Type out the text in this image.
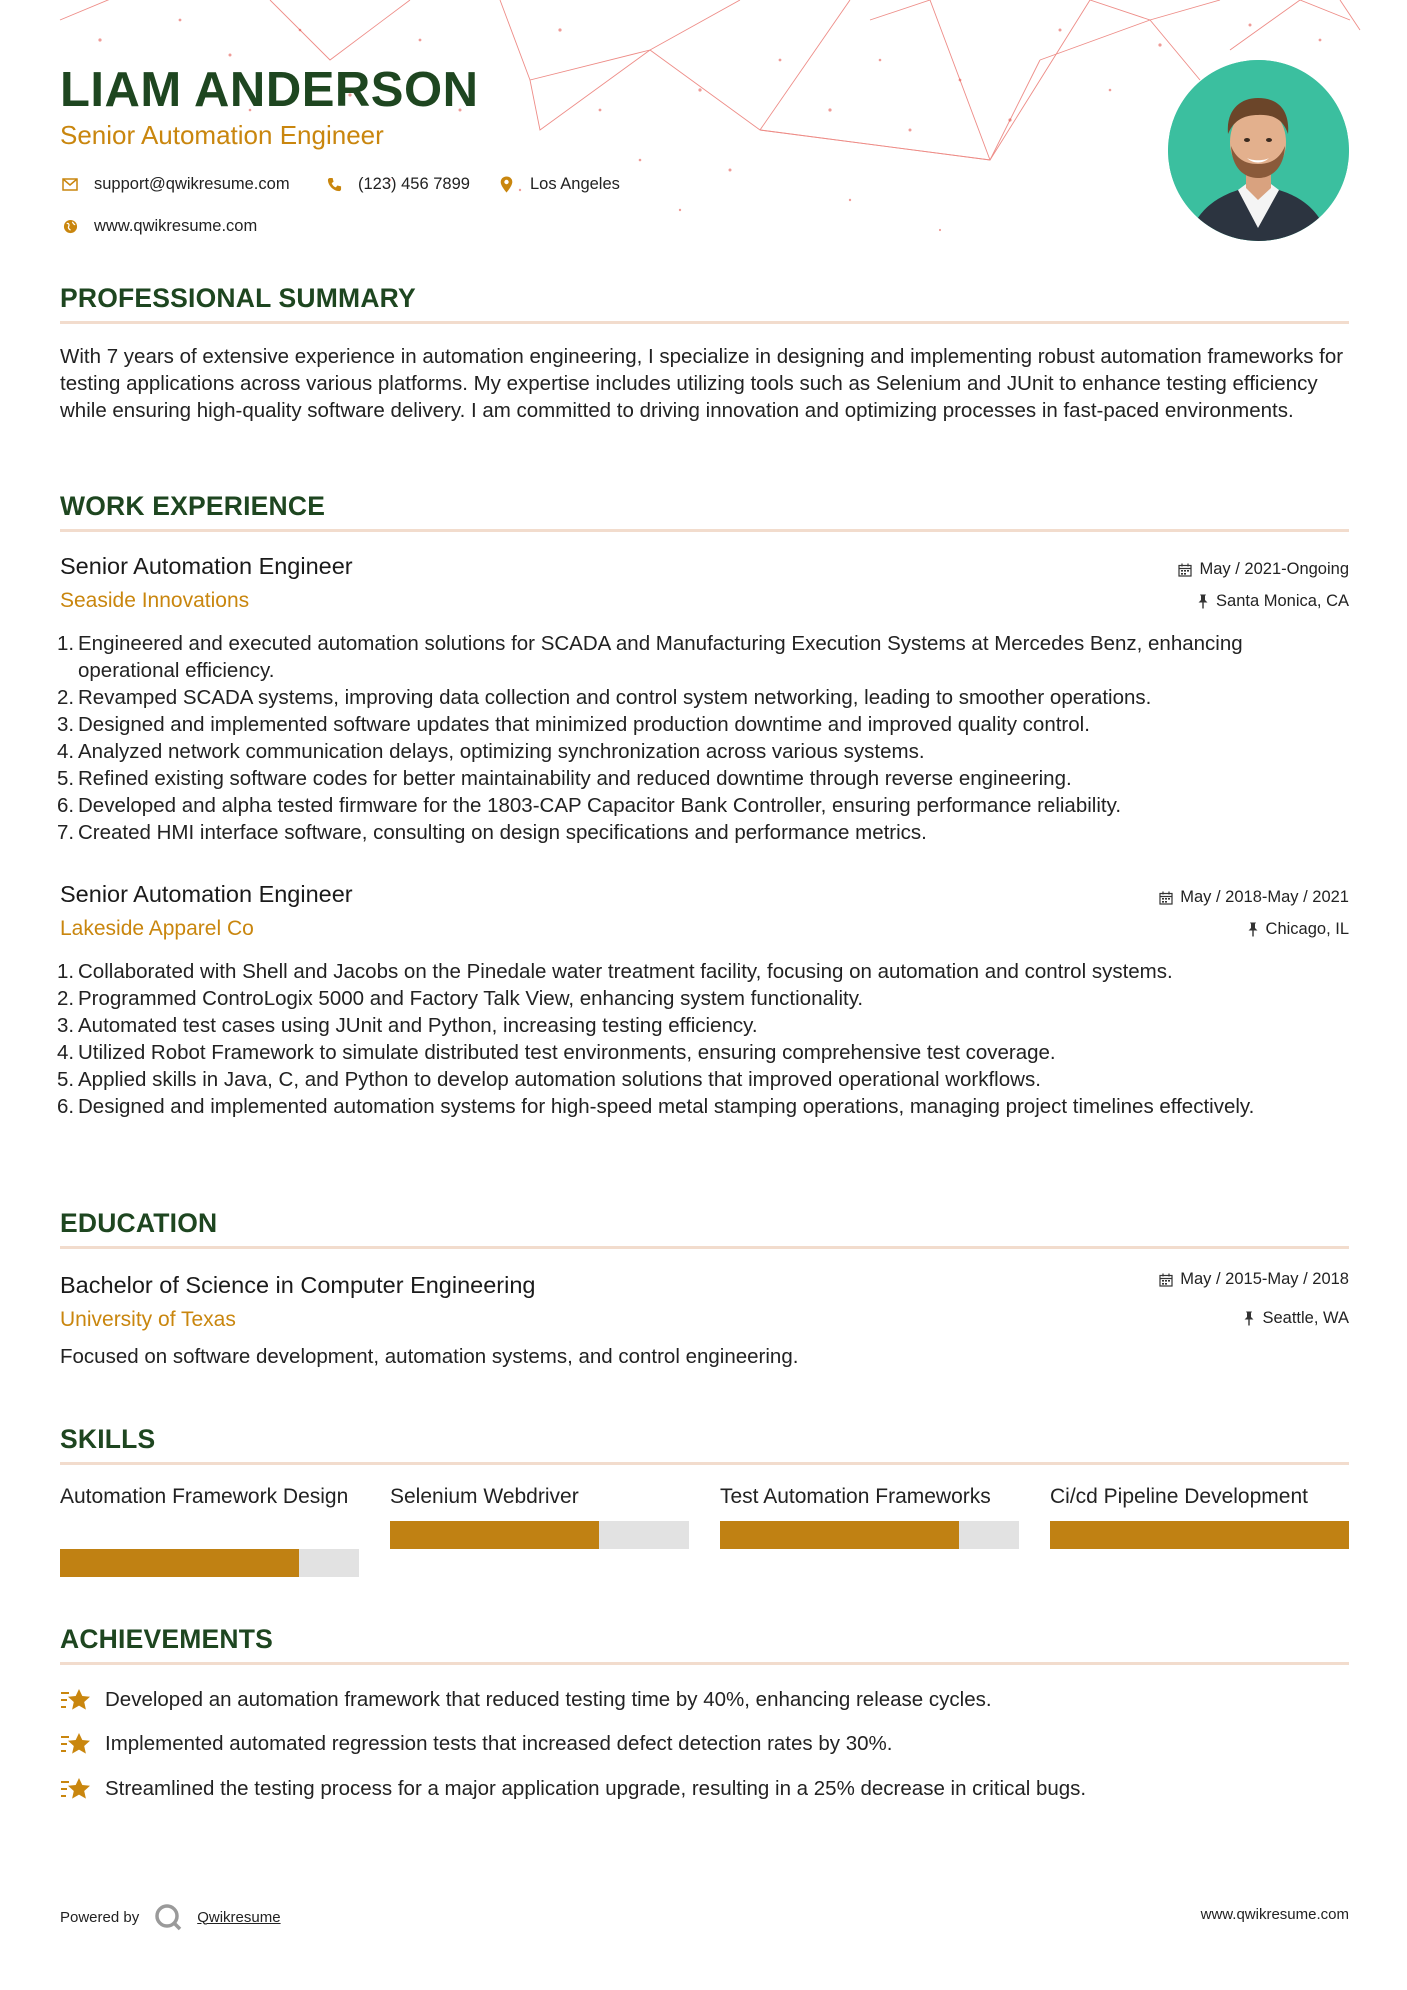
LIAM ANDERSON
Senior Automation Engineer
support@qwikresume.com	(123) 456 7899	Los Angeles
www.qwikresume.com
PROFESSIONAL SUMMARY
With 7 years of extensive experience in automation engineering, I specialize in designing and implementing robust automation frameworks for testing applications across various platforms. My expertise includes utilizing tools such as Selenium and JUnit to enhance testing efficiency while ensuring high-quality software delivery. I am committed to driving innovation and optimizing processes in fast-paced environments.
WORK EXPERIENCE
Senior Automation Engineer
Seaside Innovations
May / 2021-Ongoing
Santa Monica, CA
1. Engineered and executed automation solutions for SCADA and Manufacturing Execution Systems at Mercedes Benz, enhancing operational efficiency.
2. Revamped SCADA systems, improving data collection and control system networking, leading to smoother operations.
3. Designed and implemented software updates that minimized production downtime and improved quality control.
4. Analyzed network communication delays, optimizing synchronization across various systems.
5. Refined existing software codes for better maintainability and reduced downtime through reverse engineering.
6. Developed and alpha tested firmware for the 1803-CAP Capacitor Bank Controller, ensuring performance reliability.
7. Created HMI interface software, consulting on design specifications and performance metrics.
Senior Automation Engineer
Lakeside Apparel Co
May / 2018-May / 2021
Chicago, IL
1. Collaborated with Shell and Jacobs on the Pinedale water treatment facility, focusing on automation and control systems.
2. Programmed ControLogix 5000 and Factory Talk View, enhancing system functionality.
3. Automated test cases using JUnit and Python, increasing testing efficiency.
4. Utilized Robot Framework to simulate distributed test environments, ensuring comprehensive test coverage.
5. Applied skills in Java, C, and Python to develop automation solutions that improved operational workflows.
6. Designed and implemented automation systems for high-speed metal stamping operations, managing project timelines effectively.
EDUCATION
Bachelor of Science in Computer Engineering
University of Texas
May / 2015-May / 2018
Seattle, WA
Focused on software development, automation systems, and control engineering.
SKILLS
Automation Framework Design	Selenium Webdriver	Test Automation Frameworks	Ci/cd Pipeline Development
ACHIEVEMENTS
Developed an automation framework that reduced testing time by 40%, enhancing release cycles.
Implemented automated regression tests that increased defect detection rates by 30%.
Streamlined the testing process for a major application upgrade, resulting in a 25% decrease in critical bugs.
Powered by	Qwikresume	www.qwikresume.com
